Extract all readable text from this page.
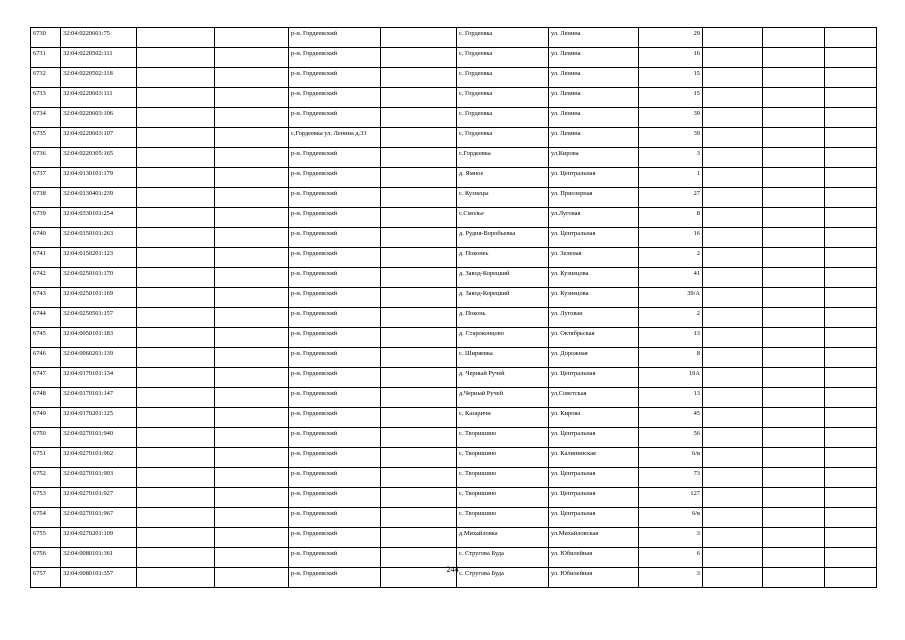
6730	32:04:0220601:75			р-н. Гордеевский		с. Гордеевка	ул. Ленина	29			
6731	32:04:0220502:111			р-н. Гордеевский		с. Гордеевка	ул. Ленина	16			
6732	32:04:0220502:118			р-н. Гордеевский		с. Гордеевка	ул. Ленина	15			
6733	32:04:0220603:111			р-н. Гордеевский		с. Гордеевка	ул. Ленина	15			
6734	32:04:0220603:106			р-н. Гордеевский		с. Гордеевка	ул. Ленина	39			
6735	32:04:0220603:107			с.Гордеевка ул. Ленина д.33		с. Гордеевка	ул. Ленина	39			
6736	32:04:0220305:165			р-н. Гордеевский		с.Гордеевка	ул.Кирова	3			
6737	32:04:0130101:179			р-н. Гордеевский		д. Ямное	ул. Центральная	1			
6738	32:04:0130401:239			р-н. Гордеевский		с. Кузнецы	ул. Приозерная	27			
6739	32:04:0330101:254			р-н. Гордеевский		с.Смолье	ул.Луговая	8			
6740	32:04:0150101:263			р-н. Гордеевский		д. Рудня-Воробьевка	ул. Центральная	16			
6741	32:04:0150201:123			р-н. Гордеевский		д. Поконеь	ул. Зеленая	2			
6742	32:04:0250101:170			р-н. Гордеевский		д. Завод-Корецкий	ул. Кузнецова	41			
6743	32:04:0250101:169			р-н. Гордеевский		д. Завод-Корецкий	ул. Кузнецова	39/А			
6744	32:04:0250501:157			р-н. Гордеевский		д. Поконь	ул. Луговая	2			
6745	32:04:0050101:183			р-н. Гордеевский		д. Староконцово	ул. Октябрьская	13			
6746	32:04:0060201:139			р-н. Гордеевский		с. Ширяевка	ул. Дорожная	8			
6747	32:04:0170101:134			р-н. Гордеевский		д. Черный Ручей	ул. Центральная	19А			
6748	32:04:0170101:147			р-н. Гордеевский		д.Черный Ручей	ул.Советская	13			
6749	32:04:0170201:125			р-н. Гордеевский		с. Казаричи	ул. Кирова	45			
6750	32:04:0270101:940			р-н. Гордеевский		с. Творишино	ул. Центральная	56			
6751	32:04:0270101:962			р-н. Гордеевский		с. Творишино	ул. Калининская	6/в			
6752	32:04:0270101:903			р-н. Гордеевский		с. Творишино	ул. Центральная	73			
6753	32:04:0270101:927			р-н. Гордеевский		с. Творишино	ул. Центральная	127			
6754	32:04:0270101:967			р-н. Гордеевский		с. Творишино	ул. Центральная	6/в			
6755	32:04:0270201:109			р-н. Гордеевский		д.Михайловка	ул.Михайловская	3			
6756	32:04:0080101:361			р-н. Гордеевский		с. Струговa Буда	ул. Юбилейная	6			
6757	32:04:0080101:357			р-н. Гордеевский		с. Струговa Буда	ул. Юбилейная	3			
244
